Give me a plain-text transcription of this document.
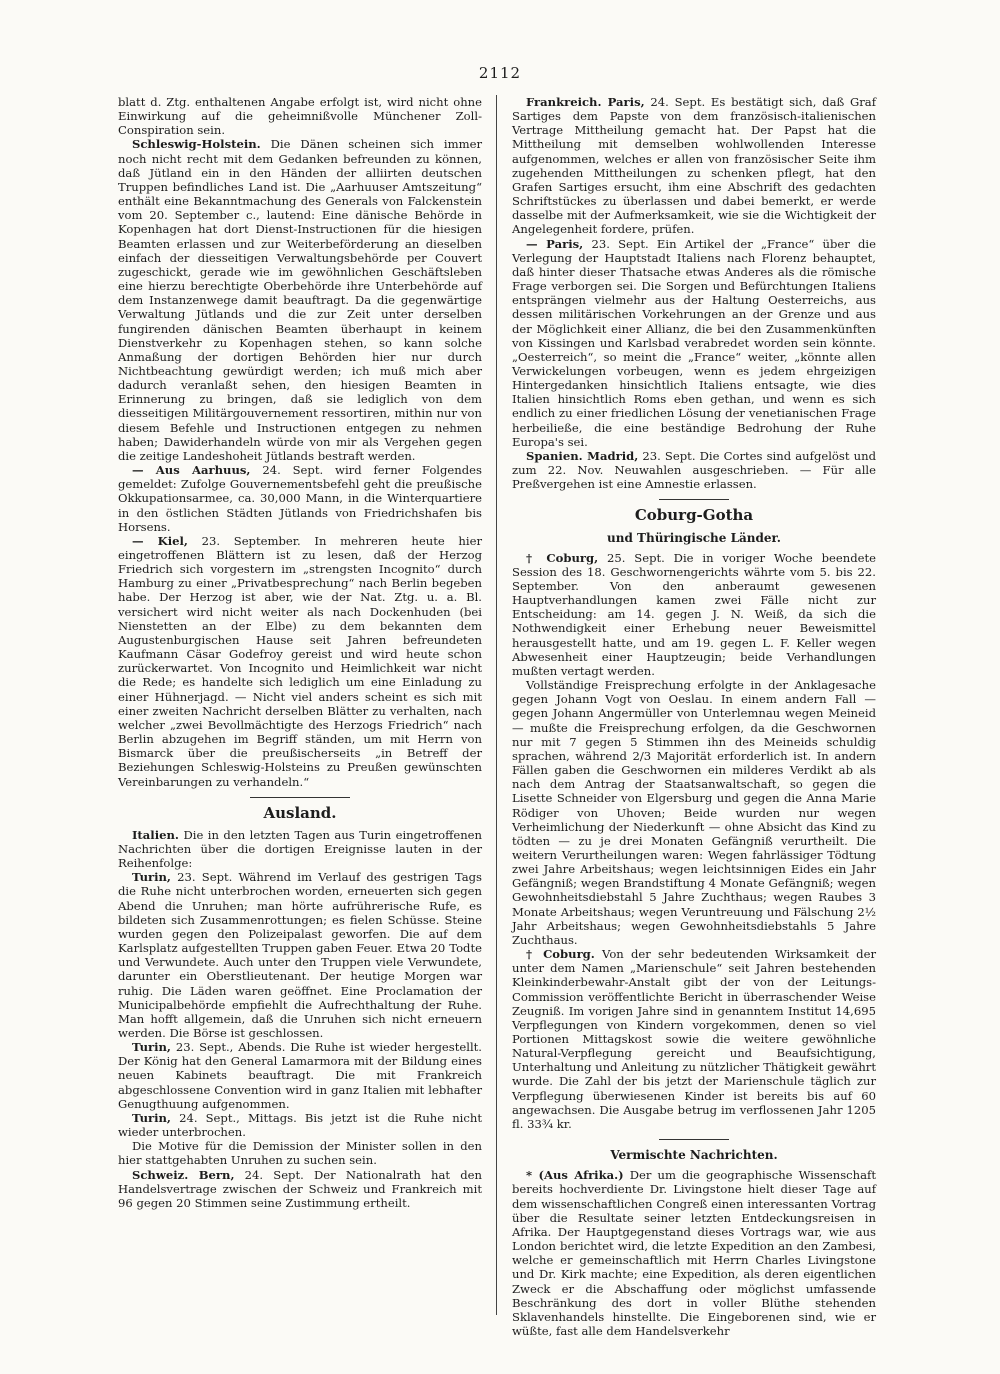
2112

blatt d. Ztg. enthaltenen Angabe erfolgt ist, wird nicht ohne Einwirkung auf die geheimnißvolle Münchener Zoll-Conspiration sein.

Schleswig-Holstein. Die Dänen scheinen sich immer noch nicht recht mit dem Gedanken befreunden zu können, daß Jütland ein in den Händen der alliirten deutschen Truppen befindliches Land ist. Die „Aarhuuser Amtszeitung“ enthält eine Bekanntmachung des Generals von Falckenstein vom 20. September c., lautend: Eine dänische Behörde in Kopenhagen hat dort Dienst-Instructionen für die hiesigen Beamten erlassen und zur Weiterbeförderung an dieselben einfach der diesseitigen Verwaltungsbehörde per Couvert zugeschickt, gerade wie im gewöhnlichen Geschäftsleben eine hierzu berechtigte Oberbehörde ihre Unterbehörde auf dem Instanzenwege damit beauftragt. Da die gegenwärtige Verwaltung Jütlands und die zur Zeit unter derselben fungirenden dänischen Beamten überhaupt in keinem Dienstverkehr zu Kopenhagen stehen, so kann solche Anmaßung der dortigen Behörden hier nur durch Nichtbeachtung gewürdigt werden; ich muß mich aber dadurch veranlaßt sehen, den hiesigen Beamten in Erinnerung zu bringen, daß sie lediglich von dem diesseitigen Militärgouvernement ressortiren, mithin nur von diesem Befehle und Instructionen entgegen zu nehmen haben; Dawiderhandeln würde von mir als Vergehen gegen die zeitige Landeshoheit Jütlands bestraft werden.

— Aus Aarhuus, 24. Sept. wird ferner Folgendes gemeldet: Zufolge Gouvernementsbefehl geht die preußische Okkupationsarmee, ca. 30,000 Mann, in die Winterquartiere in den östlichen Städten Jütlands von Friedrichshafen bis Horsens.

— Kiel, 23. September. In mehreren heute hier eingetroffenen Blättern ist zu lesen, daß der Herzog Friedrich sich vorgestern im „strengsten Incognito“ durch Hamburg zu einer „Privatbesprechung“ nach Berlin begeben habe. Der Herzog ist aber, wie der Nat. Ztg. u. a. Bl. versichert wird nicht weiter als nach Dockenhuden (bei Nienstetten an der Elbe) zu dem bekannten dem Augustenburgischen Hause seit Jahren befreundeten Kaufmann Cäsar Godefroy gereist und wird heute schon zurückerwartet. Von Incognito und Heimlichkeit war nicht die Rede; es handelte sich lediglich um eine Einladung zu einer Hühnerjagd. — Nicht viel anders scheint es sich mit einer zweiten Nachricht derselben Blätter zu verhalten, nach welcher „zwei Bevollmächtigte des Herzogs Friedrich“ nach Berlin abzugehen im Begriff ständen, um mit Herrn von Bismarck über die preußischerseits „in Betreff der Beziehungen Schleswig-Holsteins zu Preußen gewünschten Vereinbarungen zu verhandeln.“

Ausland.

Italien. Die in den letzten Tagen aus Turin eingetroffenen Nachrichten über die dortigen Ereignisse lauten in der Reihenfolge:

Turin, 23. Sept. Während im Verlauf des gestrigen Tags die Ruhe nicht unterbrochen worden, erneuerten sich gegen Abend die Unruhen; man hörte aufrührerische Rufe, es bildeten sich Zusammenrottungen; es fielen Schüsse. Steine wurden gegen den Polizeipalast geworfen. Die auf dem Karlsplatz aufgestellten Truppen gaben Feuer. Etwa 20 Todte und Verwundete. Auch unter den Truppen viele Verwundete, darunter ein Oberstlieutenant. Der heutige Morgen war ruhig. Die Läden waren geöffnet. Eine Proclamation der Municipalbehörde empfiehlt die Aufrechthaltung der Ruhe. Man hofft allgemein, daß die Unruhen sich nicht erneuern werden. Die Börse ist geschlossen.

Turin, 23. Sept., Abends. Die Ruhe ist wieder hergestellt. Der König hat den General Lamarmora mit der Bildung eines neuen Kabinets beauftragt. Die mit Frankreich abgeschlossene Convention wird in ganz Italien mit lebhafter Genugthuung aufgenommen.

Turin, 24. Sept., Mittags. Bis jetzt ist die Ruhe nicht wieder unterbrochen.

Die Motive für die Demission der Minister sollen in den hier stattgehabten Unruhen zu suchen sein.

Schweiz. Bern, 24. Sept. Der Nationalrath hat den Handelsvertrage zwischen der Schweiz und Frankreich mit 96 gegen 20 Stimmen seine Zustimmung ertheilt.

Frankreich. Paris, 24. Sept. Es bestätigt sich, daß Graf Sartiges dem Papste von dem französisch-italienischen Vertrage Mittheilung gemacht hat. Der Papst hat die Mittheilung mit demselben wohlwollenden Interesse aufgenommen, welches er allen von französischer Seite ihm zugehenden Mittheilungen zu schenken pflegt, hat den Grafen Sartiges ersucht, ihm eine Abschrift des gedachten Schriftstückes zu überlassen und dabei bemerkt, er werde dasselbe mit der Aufmerksamkeit, wie sie die Wichtigkeit der Angelegenheit fordere, prüfen.

— Paris, 23. Sept. Ein Artikel der „France“ über die Verlegung der Hauptstadt Italiens nach Florenz behauptet, daß hinter dieser Thatsache etwas Anderes als die römische Frage verborgen sei. Die Sorgen und Befürchtungen Italiens entsprängen vielmehr aus der Haltung Oesterreichs, aus dessen militärischen Vorkehrungen an der Grenze und aus der Möglichkeit einer Allianz, die bei den Zusammenkünften von Kissingen und Karlsbad verabredet worden sein könnte. „Oesterreich“, so meint die „France“ weiter, „könnte allen Verwickelungen vorbeugen, wenn es jedem ehrgeizigen Hintergedanken hinsichtlich Italiens entsagte, wie dies Italien hinsichtlich Roms eben gethan, und wenn es sich endlich zu einer friedlichen Lösung der venetianischen Frage herbeiließe, die eine beständige Bedrohung der Ruhe Europa's sei.

Spanien. Madrid, 23. Sept. Die Cortes sind aufgelöst und zum 22. Nov. Neuwahlen ausgeschrieben. — Für alle Preßvergehen ist eine Amnestie erlassen.

Coburg-Gotha
und Thüringische Länder.

† Coburg, 25. Sept. Die in voriger Woche beendete Session des 18. Geschwornengerichts währte vom 5. bis 22. September. Von den anberaumt gewesenen Hauptverhandlungen kamen zwei Fälle nicht zur Entscheidung: am 14. gegen J. N. Weiß, da sich die Nothwendigkeit einer Erhebung neuer Beweismittel herausgestellt hatte, und am 19. gegen L. F. Keller wegen Abwesenheit einer Hauptzeugin; beide Verhandlungen mußten vertagt werden.

Vollständige Freisprechung erfolgte in der Anklagesache gegen Johann Vogt von Oeslau. In einem andern Fall — gegen Johann Angermüller von Unterlemnau wegen Meineid — mußte die Freisprechung erfolgen, da die Geschwornen nur mit 7 gegen 5 Stimmen ihn des Meineids schuldig sprachen, während 2/3 Majorität erforderlich ist. In andern Fällen gaben die Geschwornen ein milderes Verdikt ab als nach dem Antrag der Staatsanwaltschaft, so gegen die Lisette Schneider von Elgersburg und gegen die Anna Marie Rödiger von Uhoven; Beide wurden nur wegen Verheimlichung der Niederkunft — ohne Absicht das Kind zu tödten — zu je drei Monaten Gefängniß verurtheilt. Die weitern Verurtheilungen waren: Wegen fahrlässiger Tödtung zwei Jahre Arbeitshaus; wegen leichtsinnigen Eides ein Jahr Gefängniß; wegen Brandstiftung 4 Monate Gefängniß; wegen Gewohnheitsdiebstahl 5 Jahre Zuchthaus; wegen Raubes 3 Monate Arbeitshaus; wegen Veruntreuung und Fälschung 2½ Jahr Arbeitshaus; wegen Gewohnheitsdiebstahls 5 Jahre Zuchthaus.

† Coburg. Von der sehr bedeutenden Wirksamkeit der unter dem Namen „Marienschule“ seit Jahren bestehenden Kleinkinderbewahr-Anstalt gibt der von der Leitungs-Commission veröffentlichte Bericht in überraschender Weise Zeugniß. Im vorigen Jahre sind in genanntem Institut 14,695 Verpflegungen von Kindern vorgekommen, denen so viel Portionen Mittagskost sowie die weitere gewöhnliche Natural-Verpflegung gereicht und Beaufsichtigung, Unterhaltung und Anleitung zu nützlicher Thätigkeit gewährt wurde. Die Zahl der bis jetzt der Marienschule täglich zur Verpflegung überwiesenen Kinder ist bereits bis auf 60 angewachsen. Die Ausgabe betrug im verflossenen Jahr 1205 fl. 33¾ kr.

Vermischte Nachrichten.

* (Aus Afrika.) Der um die geographische Wissenschaft bereits hochverdiente Dr. Livingstone hielt dieser Tage auf dem wissenschaftlichen Congreß einen interessanten Vortrag über die Resultate seiner letzten Entdeckungsreisen in Afrika. Der Hauptgegenstand dieses Vortrags war, wie aus London berichtet wird, die letzte Expedition an den Zambesi, welche er gemeinschaftlich mit Herrn Charles Livingstone und Dr. Kirk machte; eine Expedition, als deren eigentlichen Zweck er die Abschaffung oder möglichst umfassende Beschränkung des dort in voller Blüthe stehenden Sklavenhandels hinstellte. Die Eingeborenen sind, wie er wüßte, fast alle dem Handelsverkehr
